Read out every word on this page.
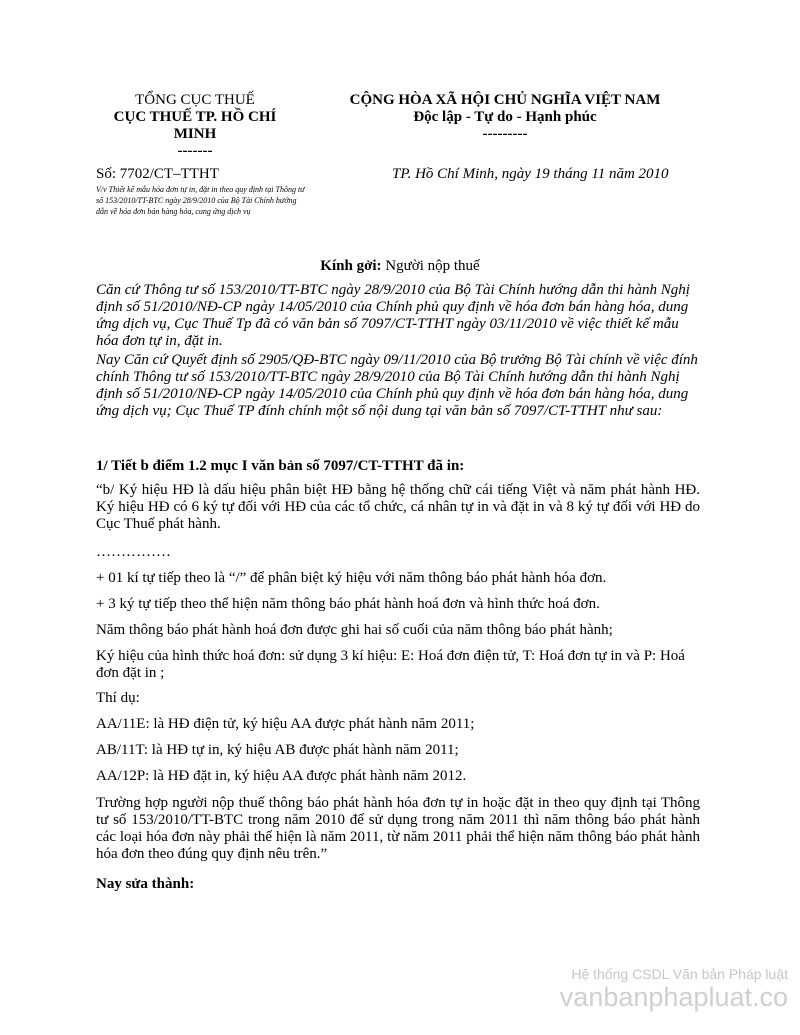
TỔNG CỤC THUẾ
CỤC THUẾ TP. HỒ CHÍ
MINH
-------
CỘNG HÒA XÃ HỘI CHỦ NGHĨA VIỆT NAM
Độc lập - Tự do - Hạnh phúc
---------
Số: 7702/CT–TTHT
V/v Thiết kế mẫu hóa đơn tự in, đặt in theo quy định tại Thông tư số 153/2010/TT-BTC ngày 28/9/2010 của Bộ Tài Chính hướng dẫn về hóa đơn bán hàng hóa, cung ứng dịch vụ
TP. Hồ Chí Minh, ngày 19 tháng 11 năm 2010
Kính gởi: Người nộp thuế
Căn cứ Thông tư số 153/2010/TT-BTC ngày 28/9/2010 của Bộ Tài Chính hướng dẫn thi hành Nghị định số 51/2010/NĐ-CP ngày 14/05/2010 của Chính phủ quy định về hóa đơn bán hàng hóa, dung ứng dịch vụ, Cục Thuế Tp đã có văn bản số 7097/CT-TTHT ngày 03/11/2010 về việc thiết kế mẫu hóa đơn tự in, đặt in.
Nay Căn cứ Quyết định số 2905/QĐ-BTC ngày 09/11/2010 của Bộ trưởng Bộ Tài chính về việc đính chính Thông tư số 153/2010/TT-BTC ngày 28/9/2010 của Bộ Tài Chính hướng dẫn thi hành Nghị định số 51/2010/NĐ-CP ngày 14/05/2010 của Chính phủ quy định về hóa đơn bán hàng hóa, dung ứng dịch vụ; Cục Thuế TP đính chính một số nội dung tại văn bản số 7097/CT-TTHT như sau:
1/ Tiết b điểm 1.2 mục I văn bản số 7097/CT-TTHT đã in:
“b/ Ký hiệu HĐ là dấu hiệu phân biệt HĐ bằng hệ thống chữ cái tiếng Việt và năm phát hành HĐ. Ký hiệu HĐ có 6 ký tự đối với HĐ của các tổ chức, cá nhân tự in và đặt in và 8 ký tự đối với HĐ do Cục Thuế phát hành.
……………
+ 01 kí tự tiếp theo là “/” để phân biệt ký hiệu với năm thông báo phát hành hóa đơn.
+ 3 ký tự tiếp theo thể hiện năm thông báo phát hành hoá đơn và hình thức hoá đơn.
Năm thông báo phát hành hoá đơn được ghi hai số cuối của năm thông báo phát hành;
Ký hiệu của hình thức hoá đơn: sử dụng 3 kí hiệu: E: Hoá đơn điện tử, T: Hoá đơn tự in và P: Hoá đơn đặt in ;
Thí dụ:
AA/11E: là HĐ điện tử, ký hiệu AA được phát hành năm 2011;
AB/11T: là HĐ tự in, ký hiệu AB được phát hành năm 2011;
AA/12P: là HĐ đặt in, ký hiệu AA được phát hành năm 2012.
Trường hợp người nộp thuế thông báo phát hành hóa đơn tự in hoặc đặt in theo quy định tại Thông tư số 153/2010/TT-BTC trong năm 2010 để sử dụng trong năm 2011 thì năm thông báo phát hành các loại hóa đơn này phải thể hiện là năm 2011, từ năm 2011 phải thể hiện năm thông báo phát hành hóa đơn theo đúng quy định nêu trên.”
Nay sửa thành:
Hệ thống CSDL Văn bản Pháp luật
vanbanphapluat.co
